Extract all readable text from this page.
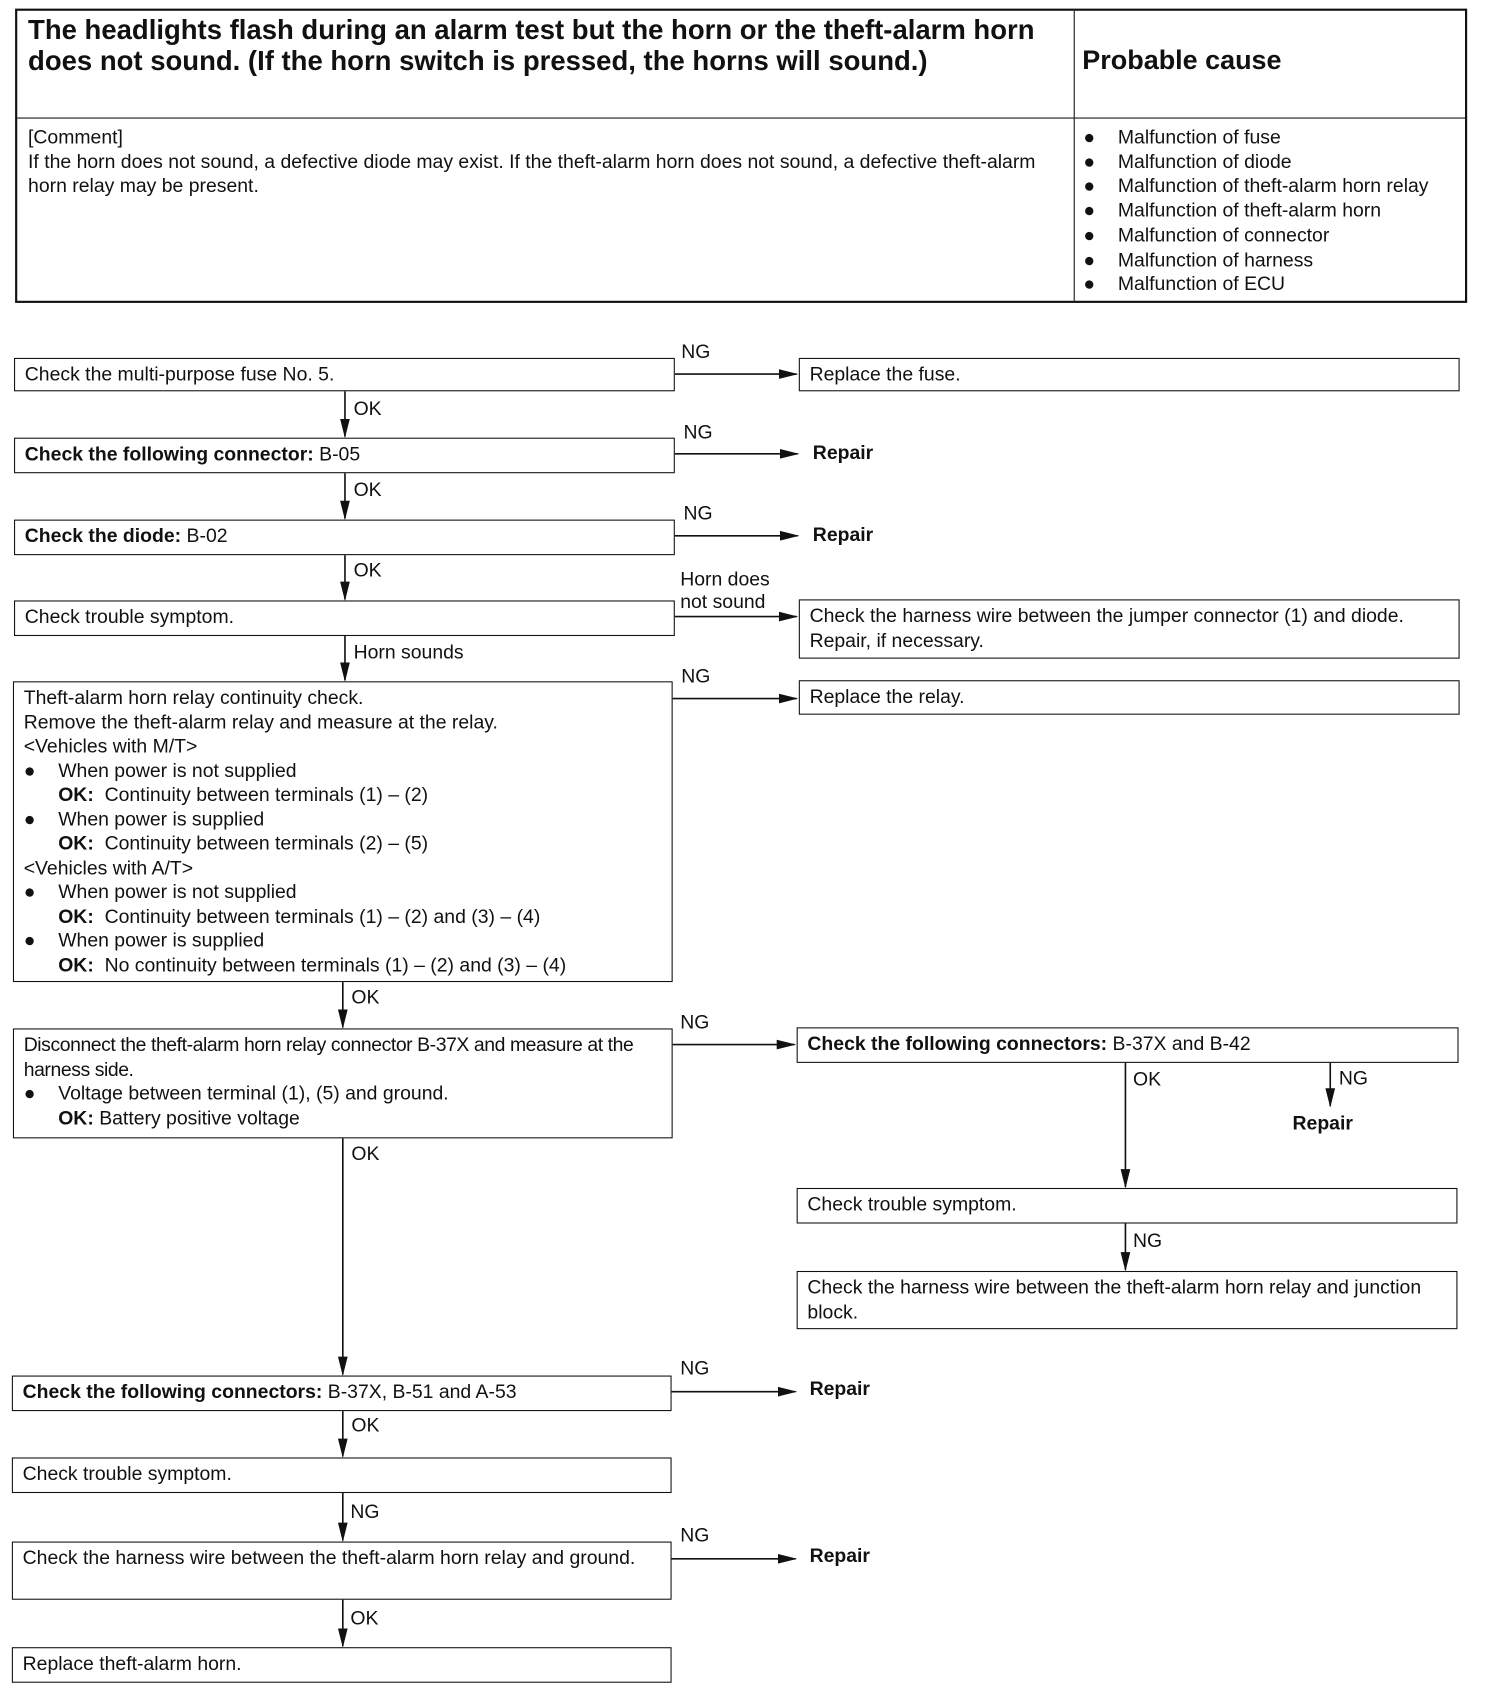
The headlights flash during an alarm test but the horn or the theft-alarm horn does not sound. (If the horn switch is pressed, the horns will sound.)	Probable cause
[Comment]
If the horn does not sound, a defective diode may exist. If the theft-alarm horn does not sound, a defective theft-alarm horn relay may be present.
●	Malfunction of fuse
●	Malfunction of diode
●	Malfunction of theft-alarm horn relay
●	Malfunction of theft-alarm horn
●	Malfunction of connector
●	Malfunction of harness
●	Malfunction of ECU
Check the multi-purpose fuse No. 5.
NG
Replace the fuse.
OK
Check the following connector: B-05
NG
Repair
OK
Check the diode: B-02
NG
Repair
OK
Check trouble symptom.
Horn does
not sound
Check the harness wire between the jumper connector (1) and diode. Repair, if necessary.
Horn sounds
Theft-alarm horn relay continuity check.
Remove the theft-alarm relay and measure at the relay.
<Vehicles with M/T>
●	When power is not supplied
OK: Continuity between terminals (1) – (2)
●	When power is supplied
OK: Continuity between terminals (2) – (5)
<Vehicles with A/T>
●	When power is not supplied
OK: Continuity between terminals (1) – (2) and (3) – (4)
●	When power is supplied
OK: No continuity between terminals (1) – (2) and (3) – (4)
NG
Replace the relay.
OK
Disconnect the theft-alarm horn relay connector B-37X and measure at the harness side.
●	Voltage between terminal (1), (5) and ground.
OK: Battery positive voltage
NG
Check the following connectors: B-37X and B-42
OK	NG
Repair
Check trouble symptom.
NG
Check the harness wire between the theft-alarm horn relay and junction block.
OK
Check the following connectors: B-37X, B-51 and A-53
NG
Repair
OK
Check trouble symptom.
NG
Check the harness wire between the theft-alarm horn relay and ground.
NG
Repair
OK
Replace theft-alarm horn.
